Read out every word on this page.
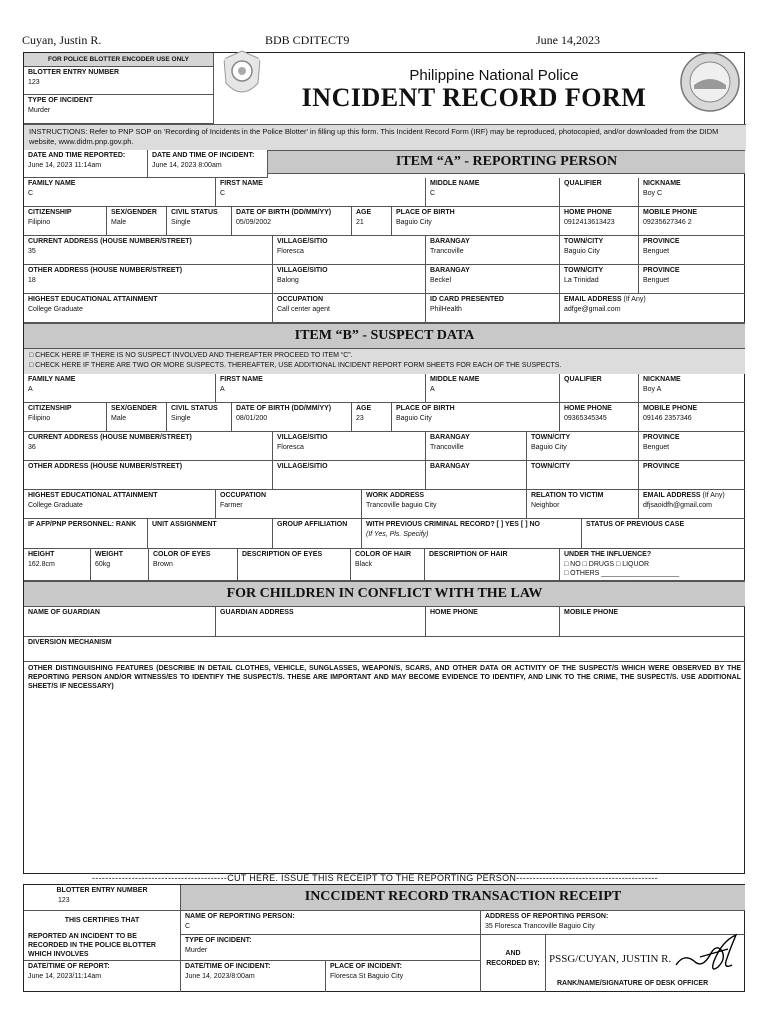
Cuyan, Justin R.	BDB CDITECT9	June 14,2023
FOR POLICE BLOTTER ENCODER USE ONLY
BLOTTER ENTRY NUMBER
123
TYPE OF INCIDENT
Murder
Philippine National Police
INCIDENT RECORD FORM
INSTRUCTIONS: Refer to PNP SOP on 'Recording of Incidents in the Police Blotter' in filling up this form. This Incident Record Form (IRF) may be reproduced, photocopied, and/or downloaded from the DIDM website, www.didm.pnp.gov.ph.
DATE AND TIME REPORTED:
June 14, 2023 11:14am
DATE AND TIME OF INCIDENT:
June 14, 2023 8:00am	ITEM “A” - REPORTING PERSON
FAMILY NAME
C
FIRST NAME
C
MIDDLE NAME
C
QUALIFIER	NICKNAME
Boy C
CITIZENSHIP
Filipino
SEX/GENDER
Male
CIVIL STATUS
Single
DATE OF BIRTH (DD/MM/YY)
05/09/2002
AGE
21
PLACE OF BIRTH
Baguio City
HOME PHONE
0912413613423
MOBILE PHONE
09235627346 2
CURRENT ADDRESS (HOUSE NUMBER/STREET)
35
VILLAGE/SITIO
Floresca
BARANGAY
Trancoville
TOWN/CITY
Baguio City
PROVINCE
Benguet
OTHER ADDRESS (HOUSE NUMBER/STREET)
18
VILLAGE/SITIO
Balong
BARANGAY
Beckel
TOWN/CITY
La Trinidad
PROVINCE
Benguet
HIGHEST EDUCATIONAL ATTAINMENT
College Graduate
OCCUPATION
Call center agent
ID CARD PRESENTED
PhilHealth
EMAIL ADDRESS (If Any)
adfge@gmail.com
ITEM “B” - SUSPECT DATA
□ CHECK HERE IF THERE IS NO SUSPECT INVOLVED AND THEREAFTER PROCEED TO ITEM “C”.
□ CHECK HERE IF THERE ARE TWO OR MORE SUSPECTS. THEREAFTER, USE ADDITIONAL INCIDENT REPORT FORM SHEETS FOR EACH OF THE SUSPECTS.
FAMILY NAME
A
FIRST NAME
A
MIDDLE NAME
A
QUALIFIER	NICKNAME
Boy A
CITIZENSHIP
Filipino
SEX/GENDER
Male
CIVIL STATUS
Single
DATE OF BIRTH (DD/MM/YY)
08/01/200
AGE
23
PLACE OF BIRTH
Baguio City
HOME PHONE
09365345345
MOBILE PHONE
09146 2357346
CURRENT ADDRESS (HOUSE NUMBER/STREET)
36
VILLAGE/SITIO
Floresca
BARANGAY
Trancoville
TOWN/CITY
Baguio City
PROVINCE
Benguet
OTHER ADDRESS (HOUSE NUMBER/STREET)	VILLAGE/SITIO	BARANGAY	TOWN/CITY	PROVINCE
HIGHEST EDUCATIONAL ATTAINMENT
College Graduate
OCCUPATION
Farmer
WORK ADDRESS
Trancoville baguio City
RELATION TO VICTIM
Neighbor
EMAIL ADDRESS (If Any)
dfjsaoidfh@gmail.com
IF AFP/PNP PERSONNEL: RANK	UNIT ASSIGNMENT	GROUP AFFILIATION	WITH PREVIOUS CRIMINAL RECORD? [ ] YES [ ] NO
(If Yes, Pls. Specify)
STATUS OF PREVIOUS CASE
HEIGHT
162.8cm
WEIGHT
60kg
COLOR OF EYES
Brown
DESCRIPTION OF EYES	COLOR OF HAIR
Black
DESCRIPTION OF HAIR	UNDER THE INFLUENCE?
□ NO □ DRUGS □ LIQUOR
□ OTHERS ____________________
FOR CHILDREN IN CONFLICT WITH THE LAW
NAME OF GUARDIAN	GUARDIAN ADDRESS	HOME PHONE	MOBILE PHONE
DIVERSION MECHANISM
OTHER DISTINGUISHING FEATURES (DESCRIBE IN DETAIL CLOTHES, VEHICLE, SUNGLASSES, WEAPON/S, SCARS, AND OTHER DATA OR ACTIVITY OF THE SUSPECT/S WHICH WERE OBSERVED BY THE REPORTING PERSON AND/OR WITNESS/ES TO IDENTIFY THE SUSPECT/S. THESE ARE IMPORTANT AND MAY BECOME EVIDENCE TO IDENTIFY, AND LINK TO THE CRIME, THE SUSPECT/S. USE ADDITIONAL SHEET/S IF NECESSARY)
-----------------------------------------CUT HERE. ISSUE THIS RECEIPT TO THE REPORTING PERSON-------------------------------------------
BLOTTER ENTRY NUMBER
123	INCCIDENT RECORD TRANSACTION RECEIPT
THIS CERTIFIES THAT
REPORTED AN INCIDENT TO BE RECORDED IN THE POLICE BLOTTER WHICH INVOLVES
NAME OF REPORTING PERSON:
C
TYPE OF INCIDENT:
Murder
ADDRESS OF REPORTING PERSON:
35 Floresca Trancoville Baguio City
DATE/TIME OF REPORT:
June 14, 2023/11:14am
DATE/TIME OF INCIDENT:
June 14, 2023/8:00am
PLACE OF INCIDENT:
Floresca St Baguio City
AND RECORDED BY: PSSG/CUYAN, JUSTIN R.
RANK/NAME/SIGNATURE OF DESK OFFICER
